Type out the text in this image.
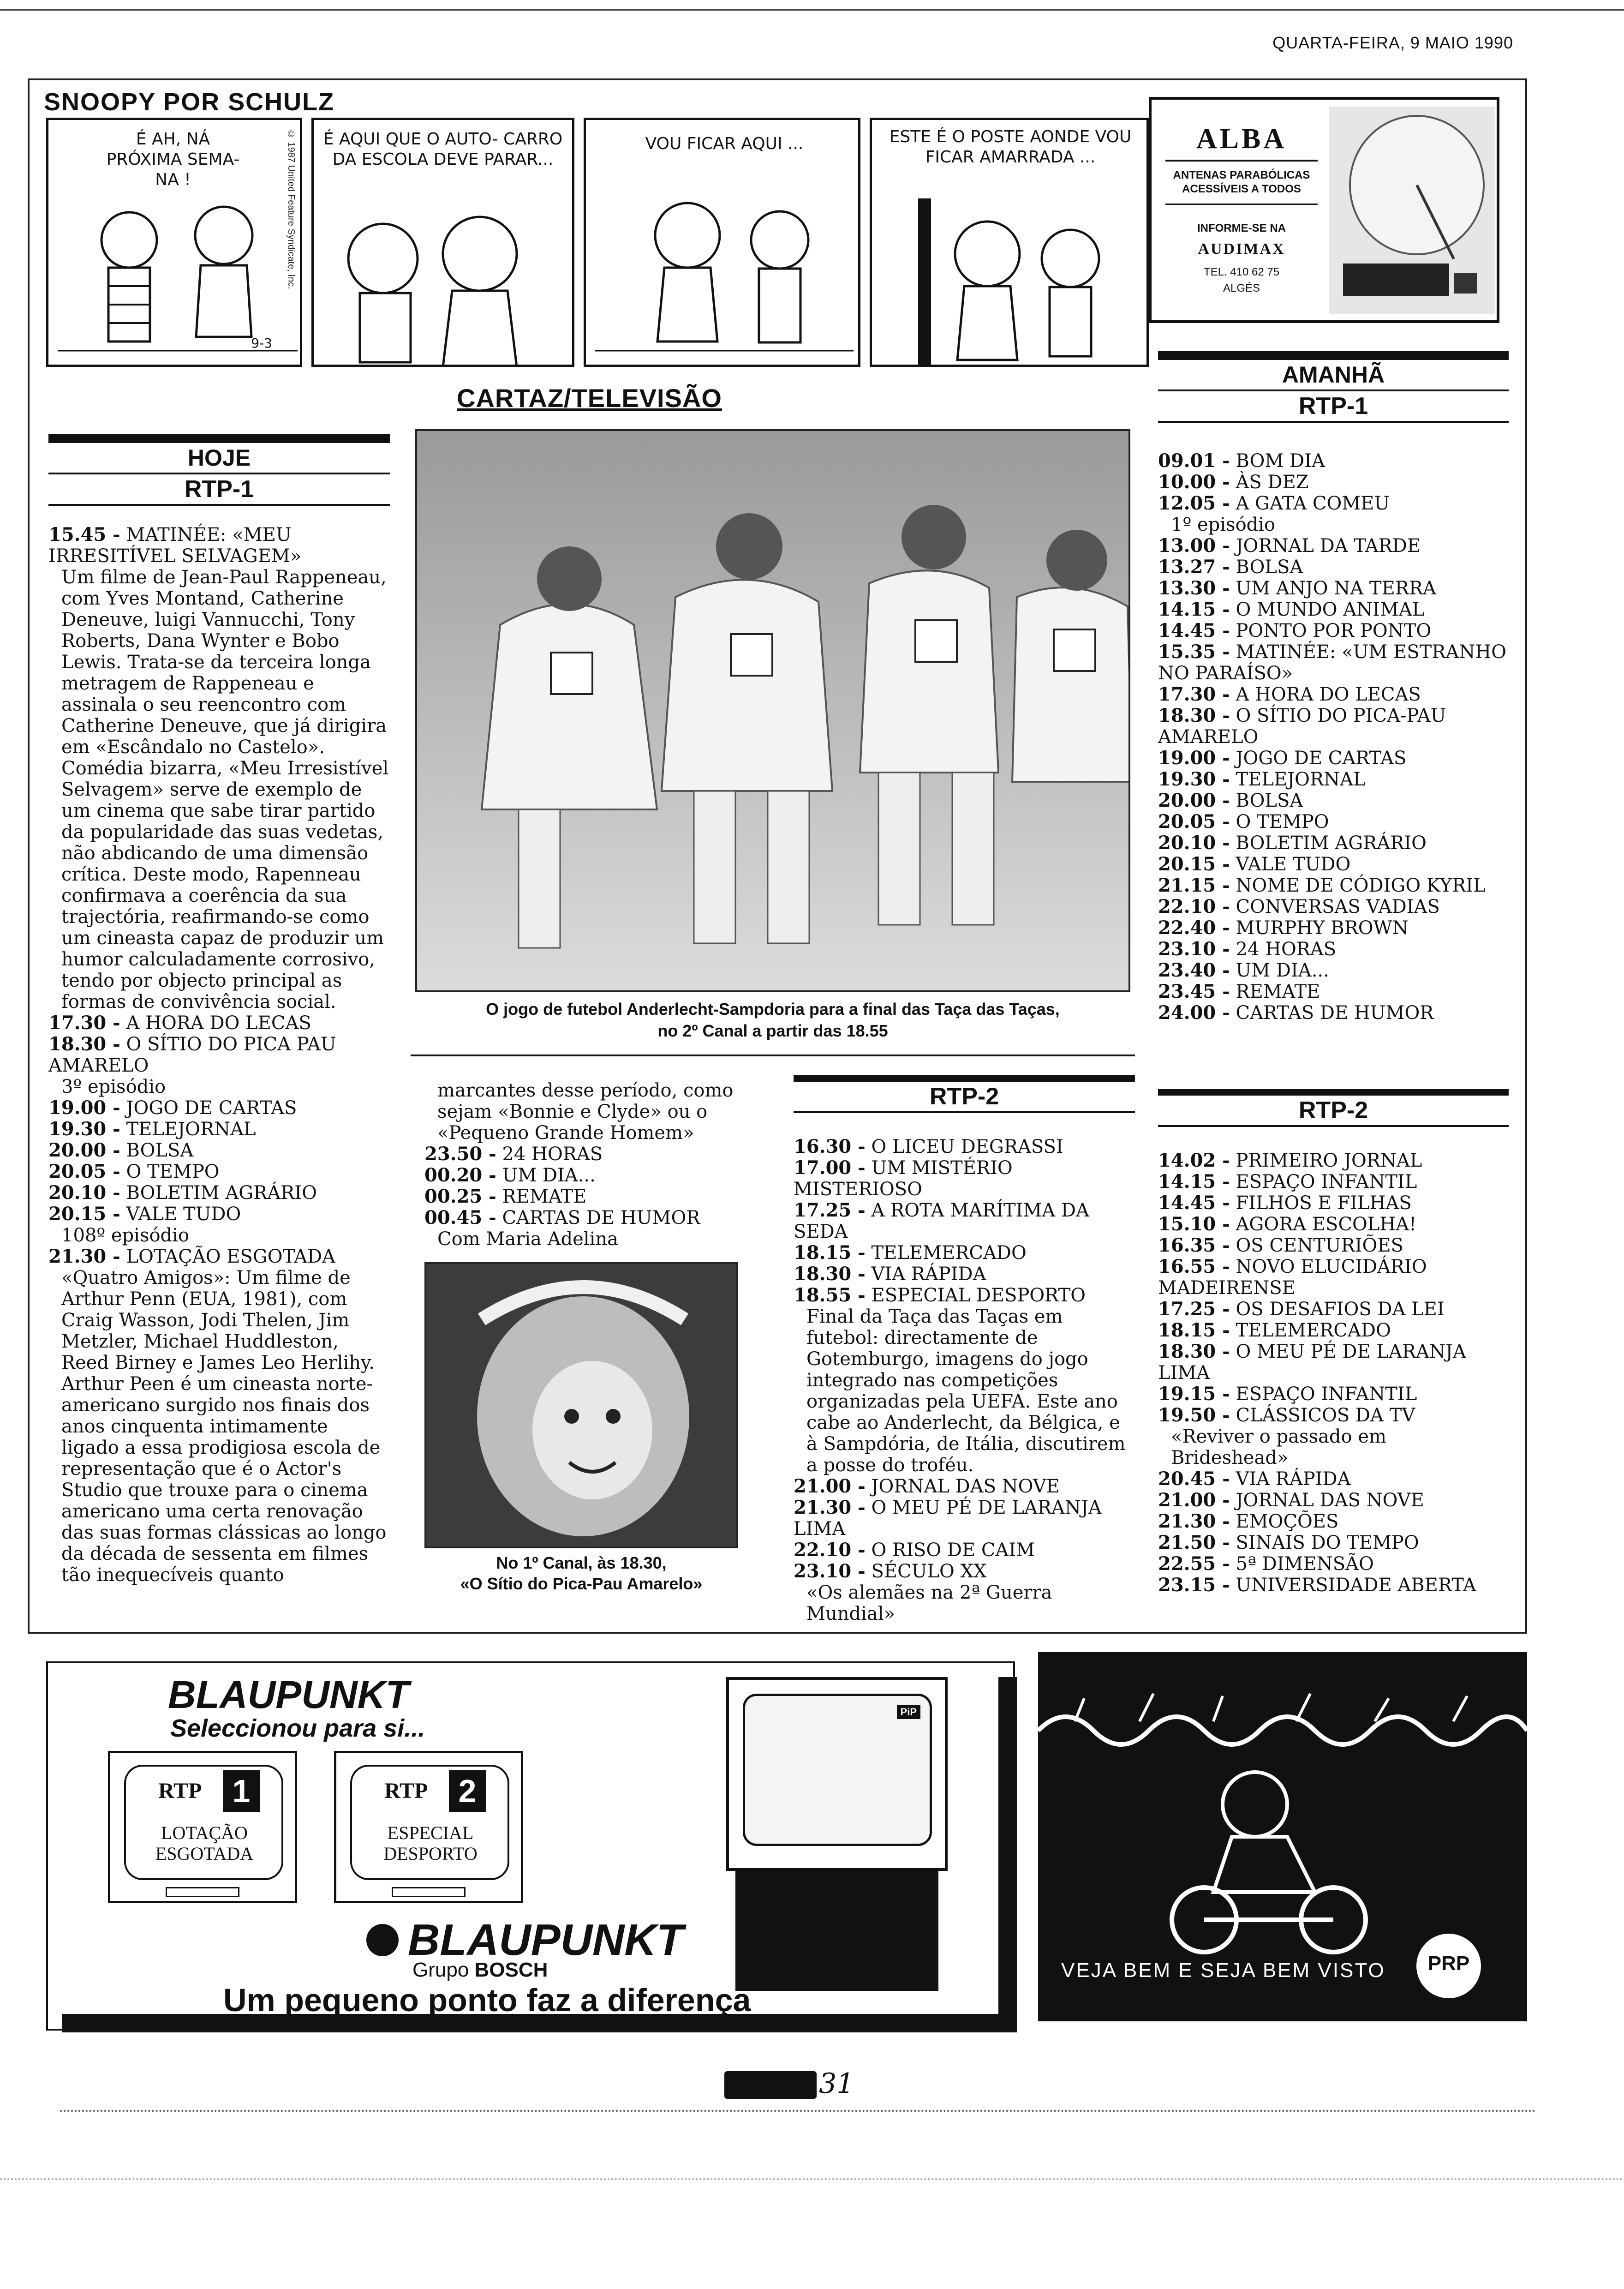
QUARTA-FEIRA, 9 MAIO 1990
SNOOPY POR SCHULZ
É AH, NÁ PRÓXIMA SEMA- NA !	© 1987 United Feature Syndicate, Inc.
9-3
É AQUI QUE O AUTO- CARRO DA ESCOLA DEVE PARAR...
VOU FICAR AQUI ...	ESTE É O POSTE AONDE VOU FICAR AMARRADA ...
ALBA
ANTENAS PARABÓLICAS
ACESSÍVEIS A TODOS
INFORME-SE NA
AUDIMAX
TEL. 410 62 75
ALGÉS
CARTAZ/TELEVISÃO
HOJE
RTP-1
15.45 - MATINÉE: «MEU IRRESITÍVEL SELVAGEM»
Um filme de Jean-Paul Rappeneau, com Yves Montand, Catherine Deneuve, luigi Vannucchi, Tony Roberts, Dana Wynter e Bobo Lewis. Trata-se da terceira longa metragem de Rappeneau e assinala o seu reencontro com Catherine Deneuve, que já dirigira em «Escândalo no Castelo». Comédia bizarra, «Meu Irresistível Selvagem» serve de exemplo de um cinema que sabe tirar partido da popularidade das suas vedetas, não abdicando de uma dimensão crítica. Deste modo, Rapenneau confirmava a coerência da sua trajectória, reafirmando-se como um cineasta capaz de produzir um humor calculadamente corrosivo, tendo por objecto principal as formas de convivência social.
17.30 - A HORA DO LECAS
18.30 - O SÍTIO DO PICA PAU AMARELO
3º episódio
19.00 - JOGO DE CARTAS
19.30 - TELEJORNAL
20.00 - BOLSA
20.05 - O TEMPO
20.10 - BOLETIM AGRÁRIO
20.15 - VALE TUDO
108º episódio
21.30 - LOTAÇÃO ESGOTADA
«Quatro Amigos»: Um filme de Arthur Penn (EUA, 1981), com Craig Wasson, Jodi Thelen, Jim Metzler, Michael Huddleston, Reed Birney e James Leo Herlihy. Arthur Peen é um cineasta norte-americano surgido nos finais dos anos cinquenta intimamente ligado a essa prodigiosa escola de representação que é o Actor's Studio que trouxe para o cinema americano uma certa renovação das suas formas clássicas ao longo da década de sessenta em filmes tão inequecíveis quanto
O jogo de futebol Anderlecht-Sampdoria para a final das Taça das Taças,
no 2º Canal a partir das 18.55
marcantes desse período, como sejam «Bonnie e Clyde» ou o «Pequeno Grande Homem»
23.50 - 24 HORAS
00.20 - UM DIA...
00.25 - REMATE
00.45 - CARTAS DE HUMOR
Com Maria Adelina
No 1º Canal, às 18.30,
«O Sítio do Pica-Pau Amarelo»
RTP-2
16.30 - O LICEU DEGRASSI
17.00 - UM MISTÉRIO MISTERIOSO
17.25 - A ROTA MARÍTIMA DA SEDA
18.15 - TELEMERCADO
18.30 - VIA RÁPIDA
18.55 - ESPECIAL DESPORTO
Final da Taça das Taças em futebol: directamente de Gotemburgo, imagens do jogo integrado nas competições organizadas pela UEFA. Este ano cabe ao Anderlecht, da Bélgica, e à Sampdória, de Itália, discutirem a posse do troféu.
21.00 - JORNAL DAS NOVE
21.30 - O MEU PÉ DE LARANJA LIMA
22.10 - O RISO DE CAIM
23.10 - SÉCULO XX
«Os alemães na 2ª Guerra Mundial»
AMANHÃ
RTP-1
09.01 - BOM DIA
10.00 - ÀS DEZ
12.05 - A GATA COMEU
1º episódio
13.00 - JORNAL DA TARDE
13.27 - BOLSA
13.30 - UM ANJO NA TERRA
14.15 - O MUNDO ANIMAL
14.45 - PONTO POR PONTO
15.35 - MATINÉE: «UM ESTRANHO NO PARAÍSO»
17.30 - A HORA DO LECAS
18.30 - O SÍTIO DO PICA-PAU AMARELO
19.00 - JOGO DE CARTAS
19.30 - TELEJORNAL
20.00 - BOLSA
20.05 - O TEMPO
20.10 - BOLETIM AGRÁRIO
20.15 - VALE TUDO
21.15 - NOME DE CÓDIGO KYRIL
22.10 - CONVERSAS VADIAS
22.40 - MURPHY BROWN
23.10 - 24 HORAS
23.40 - UM DIA...
23.45 - REMATE
24.00 - CARTAS DE HUMOR
RTP-2
14.02 - PRIMEIRO JORNAL
14.15 - ESPAÇO INFANTIL
14.45 - FILHOS E FILHAS
15.10 - AGORA ESCOLHA!
16.35 - OS CENTURIÕES
16.55 - NOVO ELUCIDÁRIO MADEIRENSE
17.25 - OS DESAFIOS DA LEI
18.15 - TELEMERCADO
18.30 - O MEU PÉ DE LARANJA LIMA
19.15 - ESPAÇO INFANTIL
19.50 - CLÁSSICOS DA TV
«Reviver o passado em Brideshead»
20.45 - VIA RÁPIDA
21.00 - JORNAL DAS NOVE
21.30 - EMOÇÕES
21.50 - SINAIS DO TEMPO
22.55 - 5ª DIMENSÃO
23.15 - UNIVERSIDADE ABERTA
BLAUPUNKT
Seleccionou para si...
RTP 1
LOTAÇÃO
ESGOTADA
RTP 2
ESPECIAL
DESPORTO
PiP
BLAUPUNKT
Grupo BOSCH
Um pequeno ponto faz a diferença
VEJA BEM E SEJA BEM VISTO	PRP
31
